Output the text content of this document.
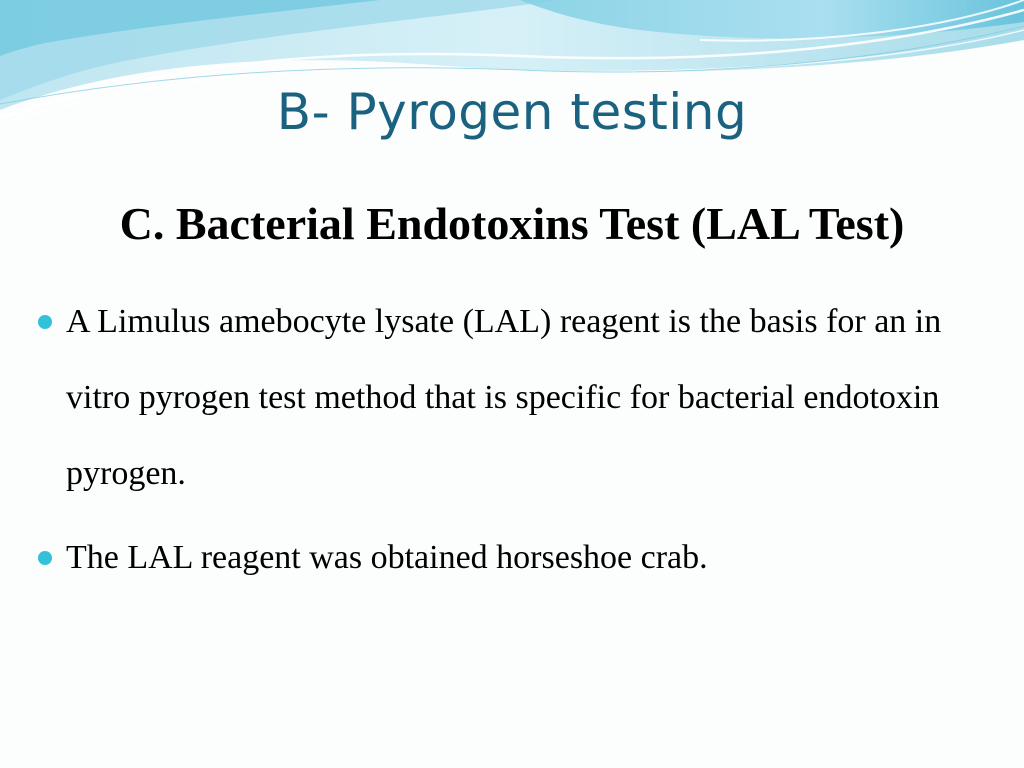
B- Pyrogen testing
C. Bacterial Endotoxins Test (LAL Test)
A Limulus amebocyte lysate (LAL) reagent is the basis for an in vitro pyrogen test method that is specific for bacterial endotoxin pyrogen.
The LAL reagent was obtained horseshoe crab.
